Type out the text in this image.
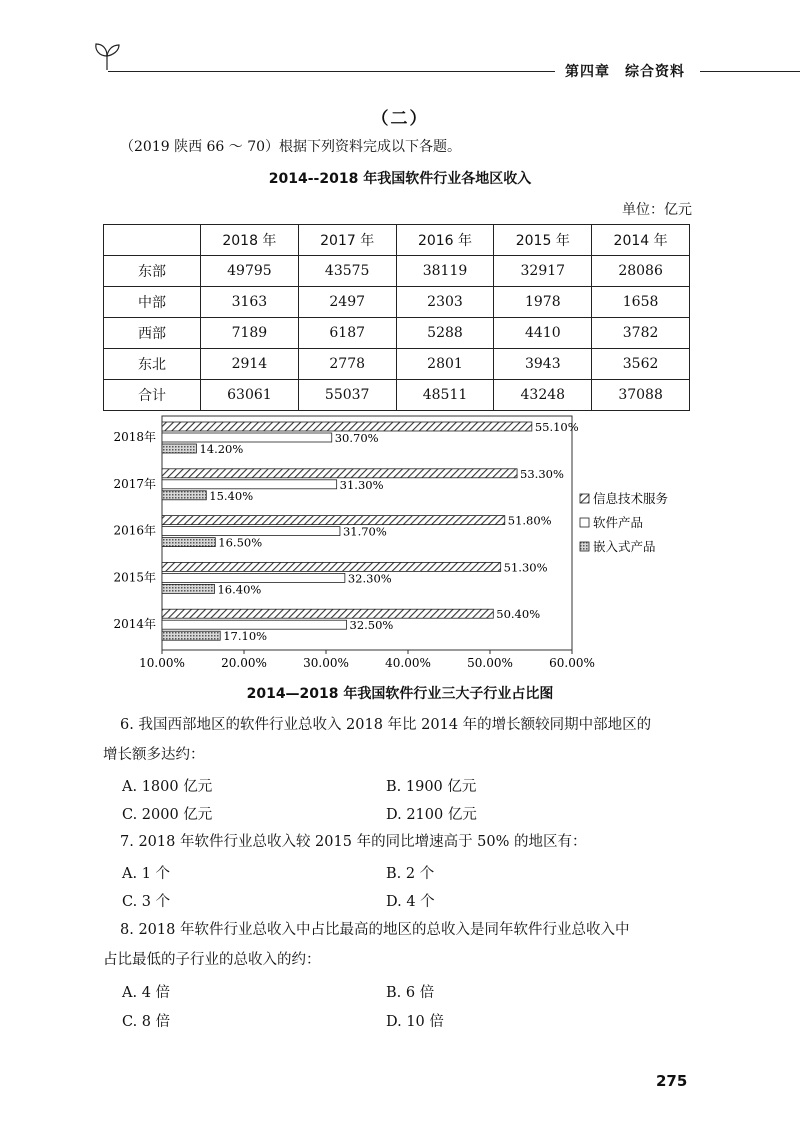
第四章　综合资料
（二）
（2019 陕西 66 ～ 70）根据下列资料完成以下各题。
2014--2018 年我国软件行业各地区收入
单位：亿元
	2018 年	2017 年	2016 年	2015 年	2014 年
东部	49795	43575	38119	32917	28086
中部	3163	2497	2303	1978	1658
西部	7189	6187	5288	4410	3782
东北	2914	2778	2801	3943	3562
合计	63061	55037	48511	43248	37088
10.00%	20.00%	30.00%	40.00%	50.00%	60.00%
2018年
55.10%
30.70%
14.20%
2017年
53.30%
31.30%
15.40%
2016年
51.80%
31.70%
16.50%
2015年
51.30%
32.30%
16.40%
2014年
50.40%
32.50%
17.10%
信息技术服务
软件产品
嵌入式产品
2014—2018 年我国软件行业三大子行业占比图
6. 我国西部地区的软件行业总收入 2018 年比 2014 年的增长额较同期中部地区的
增长额多达约：
A. 1800 亿元	B. 1900 亿元
C. 2000 亿元	D. 2100 亿元
7. 2018 年软件行业总收入较 2015 年的同比增速高于 50% 的地区有：
A. 1 个	B. 2 个
C. 3 个	D. 4 个
8. 2018 年软件行业总收入中占比最高的地区的总收入是同年软件行业总收入中
占比最低的子行业的总收入的约：
A. 4 倍	B. 6 倍
C. 8 倍	D. 10 倍
275
